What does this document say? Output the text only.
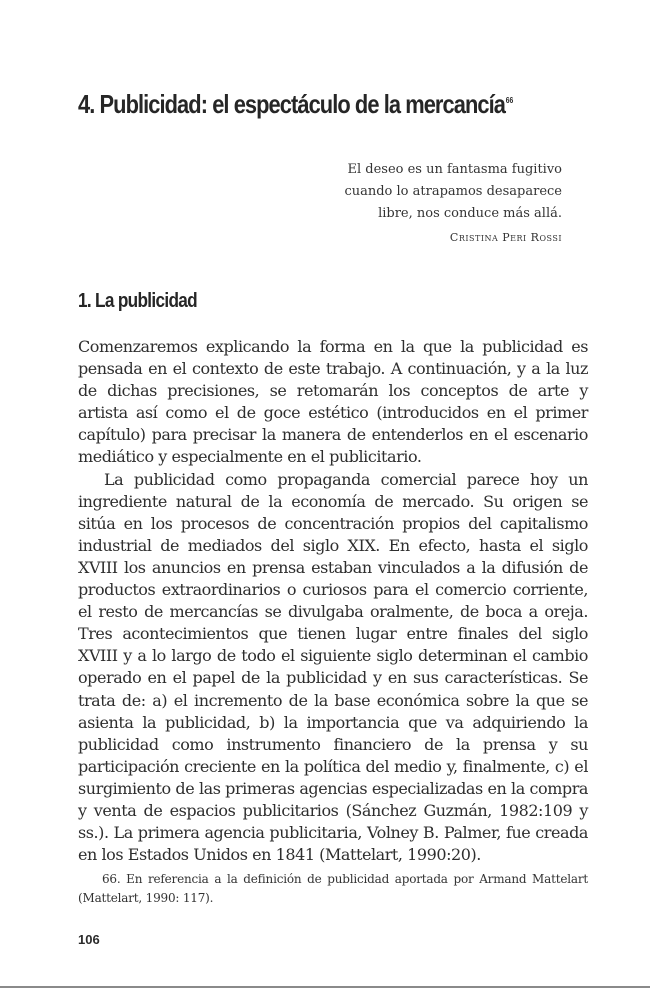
4. Publicidad: el espectáculo de la mercancía$^{66}$
El deseo es un fantasma fugitivo
cuando lo atrapamos desaparece
libre, nos conduce más allá.
Cristina Peri Rossi
1. La publicidad

Comenzaremos explicando la forma en la que la publicidad es pensada en el contexto de este trabajo. A continuación, y a la luz de dichas precisiones, se retomarán los conceptos de arte y artista así como el de goce estético (introducidos en el primer capítulo) para precisar la manera de entenderlos en el escenario mediático y especialmente en el publicitario.

La publicidad como propaganda comercial parece hoy un ingrediente natural de la economía de mercado. Su origen se sitúa en los procesos de concentración propios del capitalismo industrial de mediados del siglo XIX. En efecto, hasta el siglo XVIII los anuncios en prensa estaban vinculados a la difusión de productos extraordinarios o curiosos para el comercio corriente, el resto de mercancías se divulgaba oralmente, de boca a oreja. Tres acontecimientos que tienen lugar entre finales del siglo XVIII y a lo largo de todo el siguiente siglo determinan el cambio operado en el papel de la publicidad y en sus características. Se trata de: a) el incremento de la base económica sobre la que se asienta la publicidad, b) la importancia que va adquiriendo la publicidad como instrumento financiero de la prensa y su participación creciente en la política del medio y, finalmente, c) el surgimiento de las primeras agencias especializadas en la compra y venta de espacios publicitarios (Sánchez Guzmán, 1982:109 y ss.). La primera agencia publicitaria, Volney B. Palmer, fue creada en los Estados Unidos en 1841 (Mattelart, 1990:20).

66. En referencia a la definición de publicidad aportada por Armand Mattelart (Mattelart, 1990: 117).

106
